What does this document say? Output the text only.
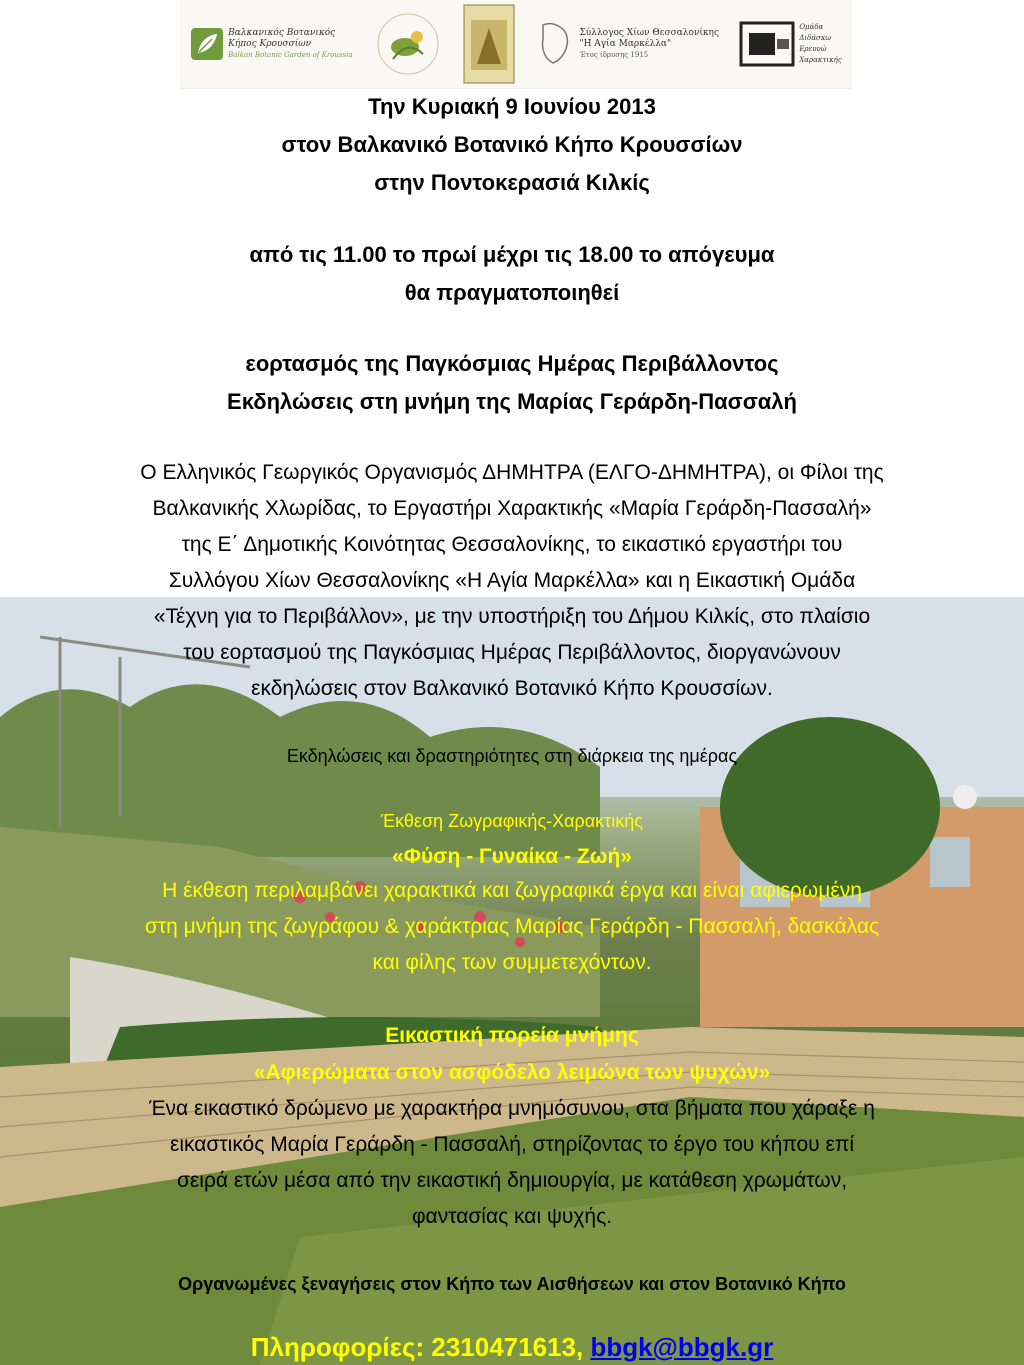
Βαλκανικός Βοτανικός
Κήπος Κρουσσίων
Balkan Botanic Garden of Kroussia
Σύλλογος Χίων Θεσσαλονίκης
"Η Αγία Μαρκέλλα"
Έτος ίδρυσης 1915
Ομάδα
Διδάσκω
Ερευνώ
Χαρακτικής
Την Κυριακή 9 Ιουνίου 2013
στον Βαλκανικό Βοτανικό Κήπο Κρουσσίων
στην Ποντοκερασιά Κιλκίς
από τις 11.00 το πρωί μέχρι τις 18.00 το απόγευμα
θα πραγματοποιηθεί
εορτασμός της Παγκόσμιας Ημέρας Περιβάλλοντος
Εκδηλώσεις στη μνήμη της Μαρίας Γεράρδη-Πασσαλή
Ο Ελληνικός Γεωργικός Οργανισμός ΔΗΜΗΤΡΑ (ΕΛΓΟ-ΔΗΜΗΤΡΑ), οι Φίλοι της
Βαλκανικής Χλωρίδας, το Εργαστήρι Χαρακτικής «Μαρία Γεράρδη-Πασσαλή»
της Ε΄ Δημοτικής Κοινότητας Θεσσαλονίκης, το εικαστικό εργαστήρι του
Συλλόγου Χίων Θεσσαλονίκης «Η Αγία Μαρκέλλα» και η Εικαστική Ομάδα
«Τέχνη για το Περιβάλλον», με την υποστήριξη του Δήμου Κιλκίς, στο πλαίσιο
του εορτασμού της Παγκόσμιας Ημέρας Περιβάλλοντος, διοργανώνουν
εκδηλώσεις στον Βαλκανικό Βοτανικό Κήπο Κρουσσίων.
Εκδηλώσεις και δραστηριότητες στη διάρκεια της ημέρας
Έκθεση Ζωγραφικής-Χαρακτικής
«Φύση - Γυναίκα - Ζωή»
Η έκθεση περιλαμβάνει χαρακτικά και ζωγραφικά έργα και είναι αφιερωμένη
στη μνήμη της ζωγράφου & χαράκτριας Μαρίας Γεράρδη - Πασσαλή, δασκάλας
και φίλης των συμμετεχόντων.
Εικαστική πορεία μνήμης
«Αφιερώματα στον ασφόδελο λειμώνα των ψυχών»
Ένα εικαστικό δρώμενο με χαρακτήρα μνημόσυνου, στα βήματα που χάραξε η
εικαστικός Μαρία Γεράρδη - Πασσαλή, στηρίζοντας το έργο του κήπου επί
σειρά ετών μέσα από την εικαστική δημιουργία, με κατάθεση χρωμάτων,
φαντασίας και ψυχής.
Οργανωμένες ξεναγήσεις στον Κήπο των Αισθήσεων και στον Βοτανικό Κήπο
Πληροφορίες: 2310471613, bbgk@bbgk.gr
